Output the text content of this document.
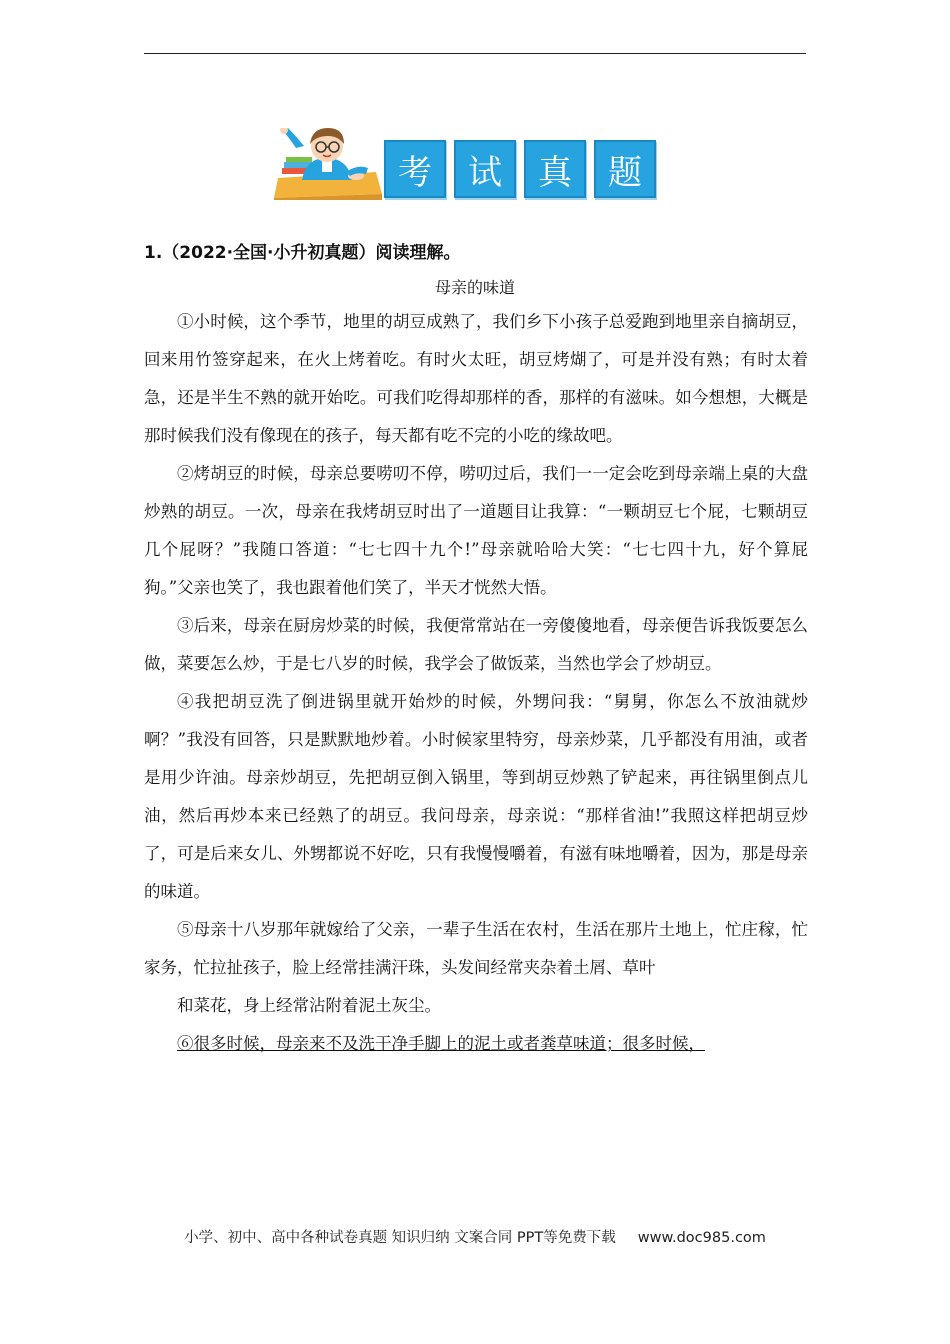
考	试	真	题
1.（2022·全国·小升初真题）阅读理解。
母亲的味道

①小时候，这个季节，地里的胡豆成熟了，我们乡下小孩子总爱跑到地里亲自摘胡豆，回来用竹签穿起来，在火上烤着吃。有时火太旺，胡豆烤煳了，可是并没有熟；有时太着急，还是半生不熟的就开始吃。可我们吃得却那样的香，那样的有滋味。如今想想，大概是那时候我们没有像现在的孩子，每天都有吃不完的小吃的缘故吧。

②烤胡豆的时候，母亲总要唠叨不停，唠叨过后，我们一一定会吃到母亲端上桌的大盘炒熟的胡豆。一次，母亲在我烤胡豆时出了一道题目让我算：“一颗胡豆七个屁，七颗胡豆几个屁呀？”我随口答道：“七七四十九个!”母亲就哈哈大笑：“七七四十九，好个算屁狗。”父亲也笑了，我也跟着他们笑了，半天才恍然大悟。

③后来，母亲在厨房炒菜的时候，我便常常站在一旁傻傻地看，母亲便告诉我饭要怎么做，菜要怎么炒，于是七八岁的时候，我学会了做饭菜，当然也学会了炒胡豆。

④我把胡豆洗了倒进锅里就开始炒的时候，外甥问我：“舅舅，你怎么不放油就炒啊？”我没有回答，只是默默地炒着。小时候家里特穷，母亲炒菜，几乎都没有用油，或者是用少许油。母亲炒胡豆，先把胡豆倒入锅里，等到胡豆炒熟了铲起来，再往锅里倒点儿油，然后再炒本来已经熟了的胡豆。我问母亲，母亲说：“那样省油!”我照这样把胡豆炒了，可是后来女儿、外甥都说不好吃，只有我慢慢嚼着，有滋有味地嚼着，因为，那是母亲的味道。

⑤母亲十八岁那年就嫁给了父亲，一辈子生活在农村，生活在那片土地上，忙庄稼，忙家务，忙拉扯孩子，脸上经常挂满汗珠，头发间经常夹杂着土屑、草叶

和菜花，身上经常沾附着泥土灰尘。

⑥很多时候，母亲来不及洗干净手脚上的泥土或者粪草味道；很多时候，

小学、初中、高中各种试卷真题 知识归纳 文案合同 PPT等免费下载 www.doc985.com
